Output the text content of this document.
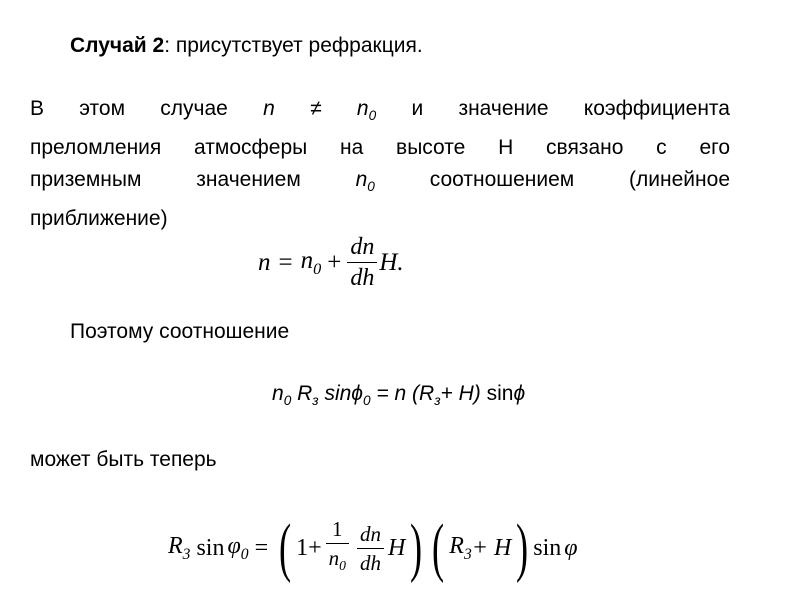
Случай 2: присутствует рефракция.
В этом случае $n \ne n_0$ и значение коэффициента
преломления атмосферы на высоте H связано с его
приземным значением $n_0$ соотношением (линейное
приближение)
$n = n_0 + \frac{dn}{dh} H$.
Поэтому соотношение
$n_0$ $R_з$ sinϕ$_0$ = n $(R_з+ H)$ sinϕ
может быть теперь
$R_3$ $\sin \varphi_0$ = ( $1+ \frac{1}{n_0} \frac{dn}{dh}$ H ) ( $R_3 + H$ ) sin φ
